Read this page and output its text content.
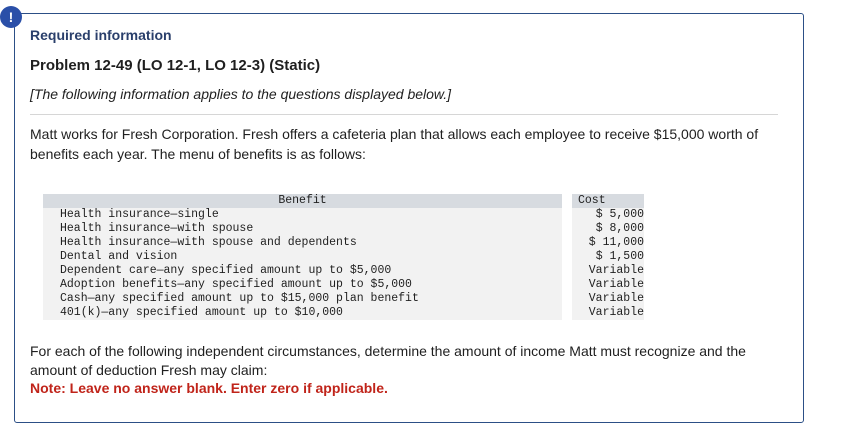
!

Required information

Problem 12-49 (LO 12-1, LO 12-3) (Static)

[The following information applies to the questions displayed below.]

Matt works for Fresh Corporation. Fresh offers a cafeteria plan that allows each employee to receive $15,000 worth of benefits each year. The menu of benefits is as follows:

Benefit	Cost
Health insurance—single	$ 5,000
Health insurance—with spouse	$ 8,000
Health insurance—with spouse and dependents	$ 11,000
Dental and vision	$ 1,500
Dependent care—any specified amount up to $5,000	Variable
Adoption benefits—any specified amount up to $5,000	Variable
Cash—any specified amount up to $15,000 plan benefit	Variable
401(k)—any specified amount up to $10,000	Variable

For each of the following independent circumstances, determine the amount of income Matt must recognize and the amount of deduction Fresh may claim:

Note: Leave no answer blank. Enter zero if applicable.
